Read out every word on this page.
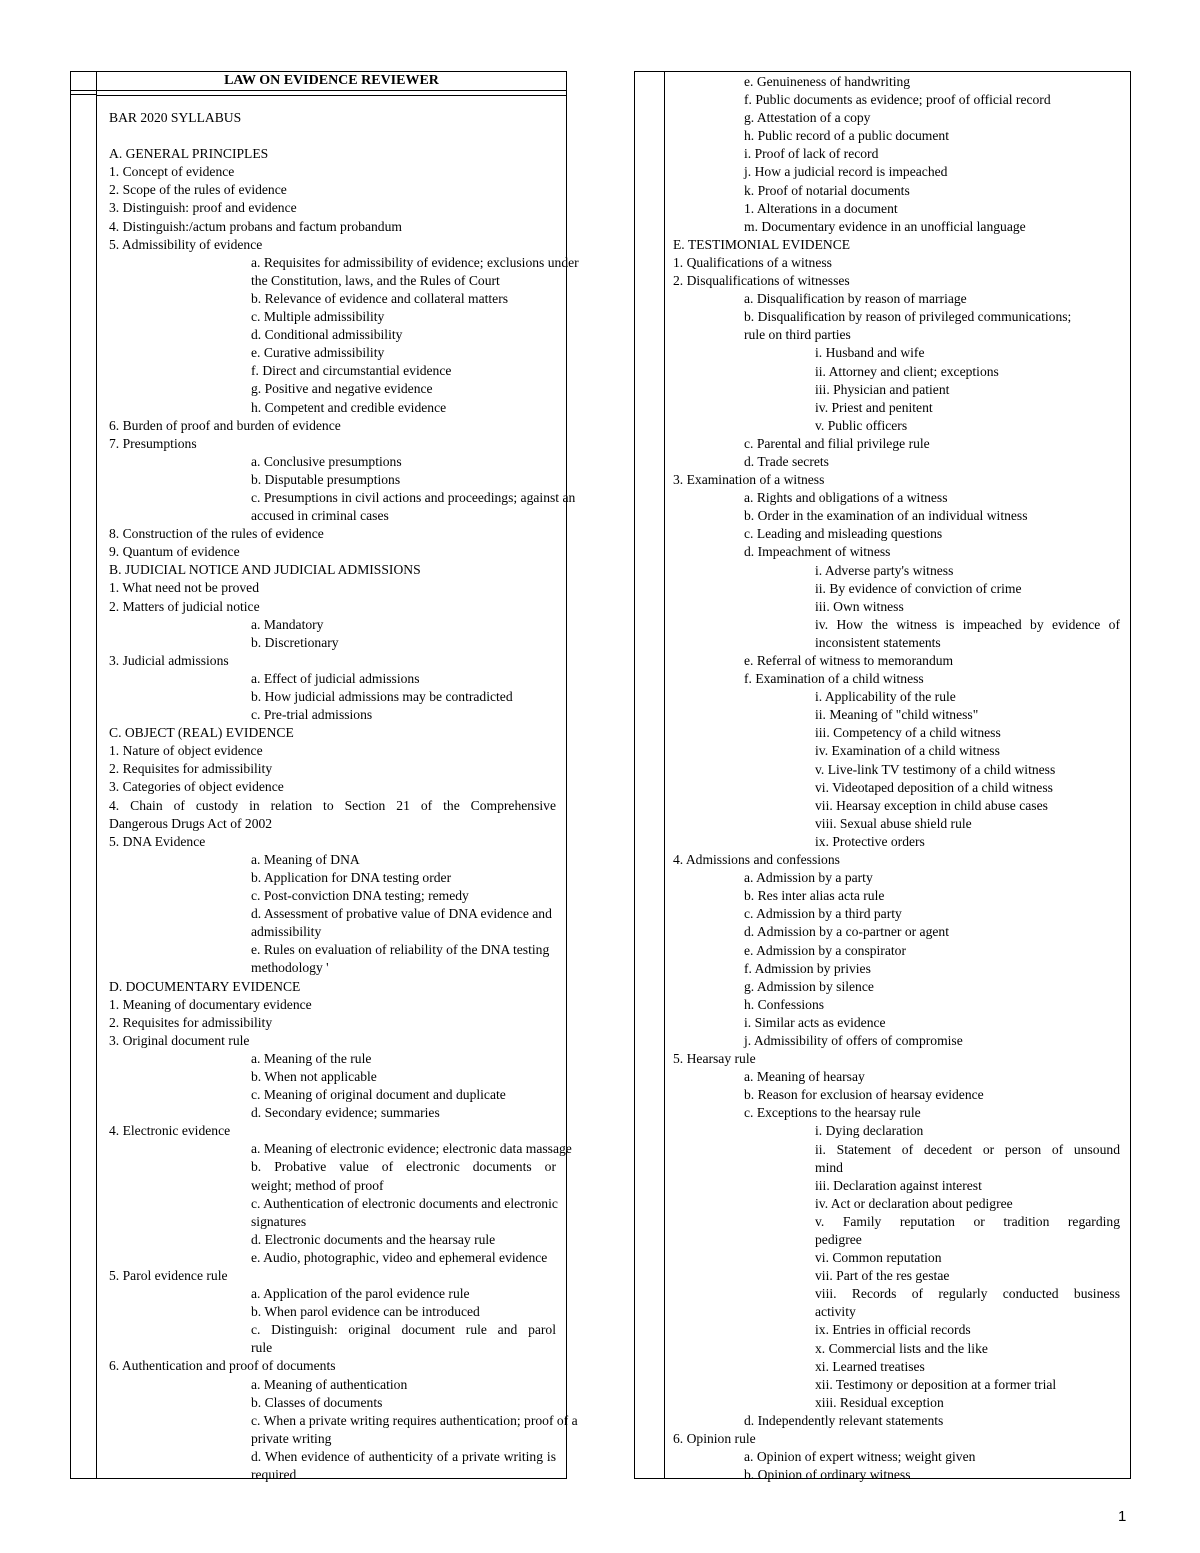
LAW ON EVIDENCE REVIEWER
BAR 2020 SYLLABUS
A. GENERAL PRINCIPLES
1. Concept of evidence
2. Scope of the rules of evidence
3. Distinguish: proof and evidence
4. Distinguish:/actum probans and factum probandum
5. Admissibility of evidence
a. Requisites for admissibility of evidence; exclusions under
the Constitution, laws, and the Rules of Court
b. Relevance of evidence and collateral matters
c. Multiple admissibility
d. Conditional admissibility
e. Curative admissibility
f. Direct and circumstantial evidence
g. Positive and negative evidence
h. Competent and credible evidence
6. Burden of proof and burden of evidence
7. Presumptions
a. Conclusive presumptions
b. Disputable presumptions
c. Presumptions in civil actions and proceedings; against an
accused in criminal cases
8. Construction of the rules of evidence
9. Quantum of evidence
B. JUDICIAL NOTICE AND JUDICIAL ADMISSIONS
1. What need not be proved
2. Matters of judicial notice
a. Mandatory
b. Discretionary
3. Judicial admissions
a. Effect of judicial admissions
b. How judicial admissions may be contradicted
c. Pre-trial admissions
C. OBJECT (REAL) EVIDENCE
1. Nature of object evidence
2. Requisites for admissibility
3. Categories of object evidence
4. Chain of custody in relation to Section 21 of the Comprehensive
Dangerous Drugs Act of 2002
5. DNA Evidence
a. Meaning of DNA
b. Application for DNA testing order
c. Post-conviction DNA testing; remedy
d. Assessment of probative value of DNA evidence and
admissibility
e. Rules on evaluation of reliability of the DNA testing
methodology '
D. DOCUMENTARY EVIDENCE
1. Meaning of documentary evidence
2. Requisites for admissibility
3. Original document rule
a. Meaning of the rule
b. When not applicable
c. Meaning of original document and duplicate
d. Secondary evidence; summaries
4. Electronic evidence
a. Meaning of electronic evidence; electronic data massage
b. Probative value of electronic documents or
weight; method of proof
c. Authentication of electronic documents and electronic
signatures
d. Electronic documents and the hearsay rule
e. Audio, photographic, video and ephemeral evidence
5. Parol evidence rule
a. Application of the parol evidence rule
b. When parol evidence can be introduced
c. Distinguish: original document rule and parol
rule
6. Authentication and proof of documents
a. Meaning of authentication
b. Classes of documents
c. When a private writing requires authentication; proof of a
private writing
d. When evidence of authenticity of a private writing is
required
e. Genuineness of handwriting
f. Public documents as evidence; proof of official record
g. Attestation of a copy
h. Public record of a public document
i. Proof of lack of record
j. How a judicial record is impeached
k. Proof of notarial documents
1. Alterations in a document
m. Documentary evidence in an unofficial language
E. TESTIMONIAL EVIDENCE
1. Qualifications of a witness
2. Disqualifications of witnesses
a. Disqualification by reason of marriage
b. Disqualification by reason of privileged communications;
rule on third parties
i. Husband and wife
ii. Attorney and client; exceptions
iii. Physician and patient
iv. Priest and penitent
v. Public officers
c. Parental and filial privilege rule
d. Trade secrets
3. Examination of a witness
a. Rights and obligations of a witness
b. Order in the examination of an individual witness
c. Leading and misleading questions
d. Impeachment of witness
i. Adverse party's witness
ii. By evidence of conviction of crime
iii. Own witness
iv. How the witness is impeached by evidence of
inconsistent statements
e. Referral of witness to memorandum
f. Examination of a child witness
i. Applicability of the rule
ii. Meaning of "child witness"
iii. Competency of a child witness
iv. Examination of a child witness
v. Live-link TV testimony of a child witness
vi. Videotaped deposition of a child witness
vii. Hearsay exception in child abuse cases
viii. Sexual abuse shield rule
ix. Protective orders
4. Admissions and confessions
a. Admission by a party
b. Res inter alias acta rule
c. Admission by a third party
d. Admission by a co-partner or agent
e. Admission by a conspirator
f. Admission by privies
g. Admission by silence
h. Confessions
i. Similar acts as evidence
j. Admissibility of offers of compromise
5. Hearsay rule
a. Meaning of hearsay
b. Reason for exclusion of hearsay evidence
c. Exceptions to the hearsay rule
i. Dying declaration
ii. Statement of decedent or person of unsound
mind
iii. Declaration against interest
iv. Act or declaration about pedigree
v. Family reputation or tradition regarding
pedigree
vi. Common reputation
vii. Part of the res gestae
viii. Records of regularly conducted business
activity
ix. Entries in official records
x. Commercial lists and the like
xi. Learned treatises
xii. Testimony or deposition at a former trial
xiii. Residual exception
d. Independently relevant statements
6. Opinion rule
a. Opinion of expert witness; weight given
b. Opinion of ordinary witness
1
